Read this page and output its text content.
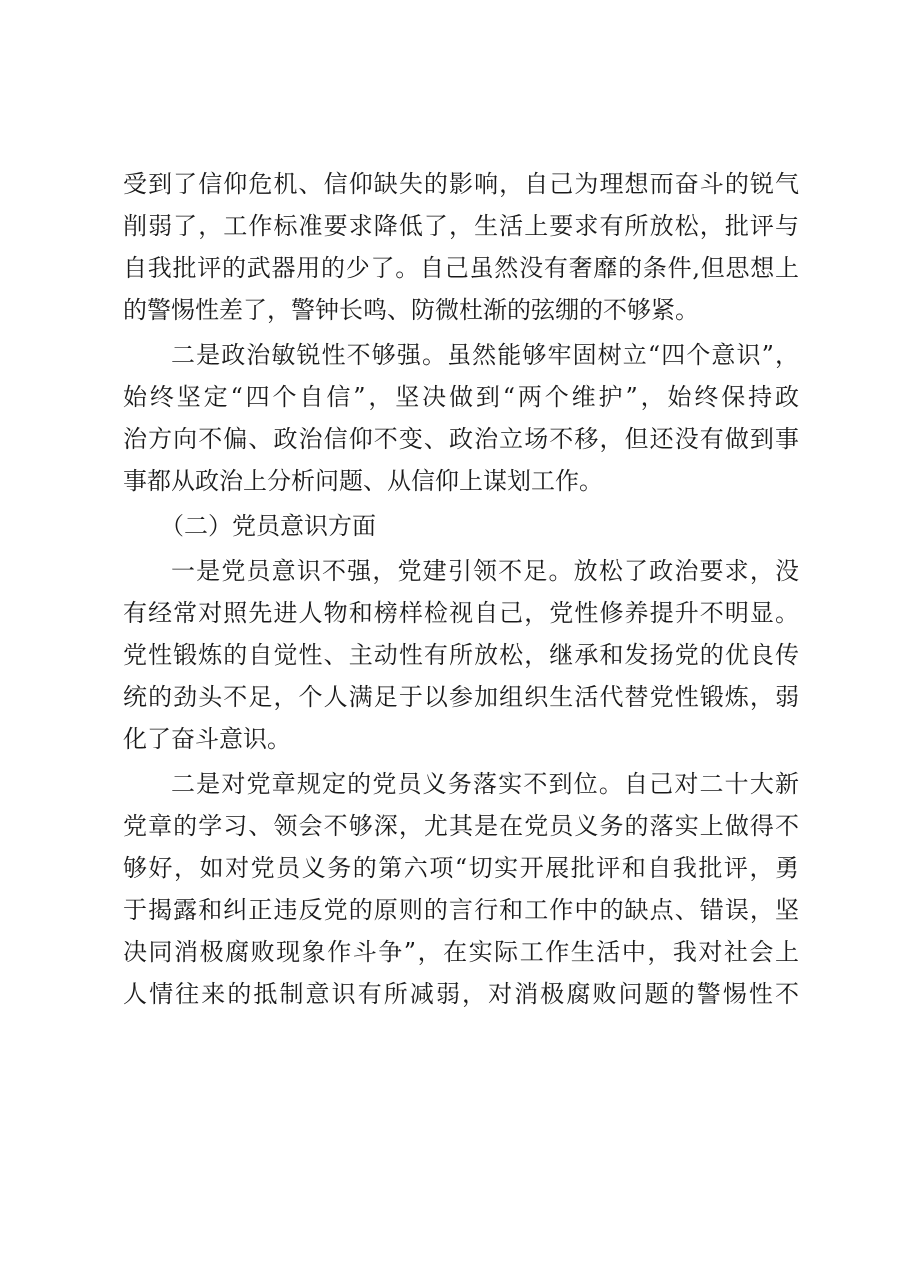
受到了信仰危机、信仰缺失的影响，自己为理想而奋斗的锐气
削弱了，工作标准要求降低了，生活上要求有所放松，批评与
自我批评的武器用的少了。自己虽然没有奢靡的条件,但思想上
的警惕性差了，警钟长鸣、防微杜渐的弦绷的不够紧。
二是政治敏锐性不够强。虽然能够牢固树立“四个意识”，
始终坚定“四个自信”，坚决做到“两个维护”，始终保持政
治方向不偏、政治信仰不变、政治立场不移，但还没有做到事
事都从政治上分析问题、从信仰上谋划工作。
（二）党员意识方面
一是党员意识不强，党建引领不足。放松了政治要求，没
有经常对照先进人物和榜样检视自己，党性修养提升不明显。
党性锻炼的自觉性、主动性有所放松，继承和发扬党的优良传
统的劲头不足，个人满足于以参加组织生活代替党性锻炼，弱
化了奋斗意识。
二是对党章规定的党员义务落实不到位。自己对二十大新
党章的学习、领会不够深，尤其是在党员义务的落实上做得不
够好，如对党员义务的第六项“切实开展批评和自我批评，勇
于揭露和纠正违反党的原则的言行和工作中的缺点、错误，坚
决同消极腐败现象作斗争”，在实际工作生活中，我对社会上
人情往来的抵制意识有所减弱，对消极腐败问题的警惕性不
